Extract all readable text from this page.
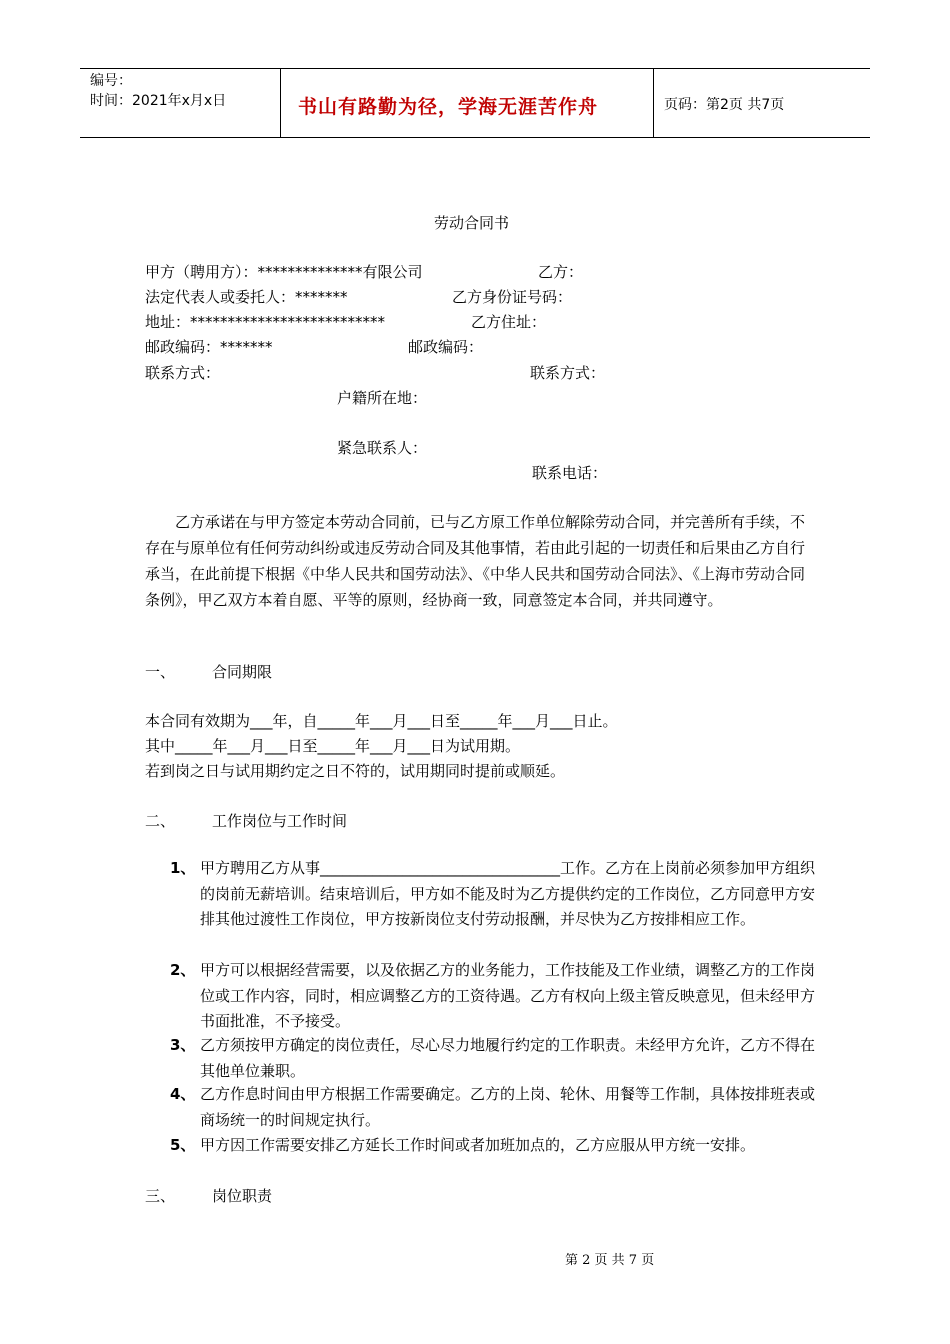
编号：
时间：2021年x月x日	书山有路勤为径，学海无涯苦作舟	页码：第2页 共7页
劳动合同书
甲方（聘用方）：**************有限公司	乙方：
法定代表人或委托人：*******	乙方身份证号码：
地址：**************************	乙方住址：
邮政编码：*******	邮政编码：
联系方式：	联系方式：
户籍所在地：
紧急联系人：
联系电话：
乙方承诺在与甲方签定本劳动合同前，已与乙方原工作单位解除劳动合同，并完善所有手续，不存在与原单位有任何劳动纠纷或违反劳动合同及其他事情，若由此引起的一切责任和后果由乙方自行承当，在此前提下根据《中华人民共和国劳动法》、《中华人民共和国劳动合同法》、《上海市劳动合同条例》，甲乙双方本着自愿、平等的原则，经协商一致，同意签定本合同，并共同遵守。
一、 合同期限
本合同有效期为___年，自_____年___月___日至_____年___月___日止。
其中_____年___月___日至_____年___月___日为试用期。
若到岗之日与试用期约定之日不符的，试用期同时提前或顺延。
二、 工作岗位与工作时间
1、 甲方聘用乙方从事________________________________工作。乙方在上岗前必须参加甲方组织的岗前无薪培训。结束培训后，甲方如不能及时为乙方提供约定的工作岗位，乙方同意甲方安排其他过渡性工作岗位，甲方按新岗位支付劳动报酬，并尽快为乙方按排相应工作。
2、 甲方可以根据经营需要，以及依据乙方的业务能力，工作技能及工作业绩，调整乙方的工作岗位或工作内容，同时，相应调整乙方的工资待遇。乙方有权向上级主管反映意见，但未经甲方书面批准，不予接受。
3、 乙方须按甲方确定的岗位责任，尽心尽力地履行约定的工作职责。未经甲方允许，乙方不得在其他单位兼职。
4、 乙方作息时间由甲方根据工作需要确定。乙方的上岗、轮休、用餐等工作制，具体按排班表或商场统一的时间规定执行。
5、 甲方因工作需要安排乙方延长工作时间或者加班加点的，乙方应服从甲方统一安排。
三、 岗位职责
第 2 页 共 7 页
